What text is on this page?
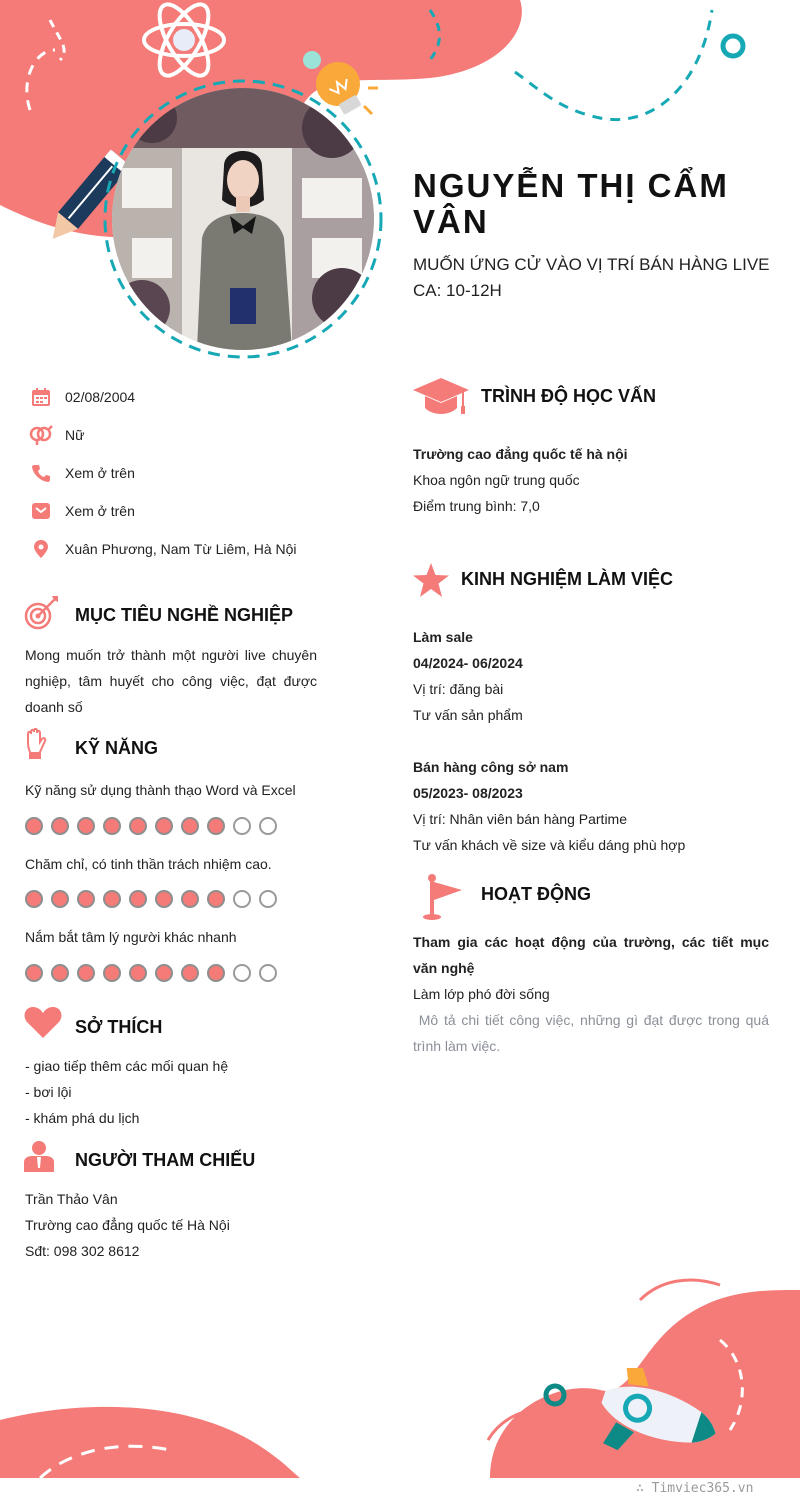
NGUYỄN THỊ CẨM VÂN
MUỐN ỨNG CỬ VÀO VỊ TRÍ BÁN HÀNG LIVE
CA: 10-12H
02/08/2004
Nữ
Xem ở trên
Xem ở trên
Xuân Phương, Nam Từ Liêm, Hà Nội
MỤC TIÊU NGHỀ NGHIỆP
Mong muốn trở thành một người live chuyên nghiệp, tâm huyết cho công việc, đạt được doanh số
KỸ NĂNG
Kỹ năng sử dụng thành thạo Word và Excel
Chăm chỉ, có tinh thần trách nhiệm cao.
Nắm bắt tâm lý người khác nhanh
SỞ THÍCH
- giao tiếp thêm các mối quan hệ
- bơi lội
- khám phá du lịch
NGƯỜI THAM CHIẾU
Trần Thảo Vân
Trường cao đẳng quốc tế Hà Nội
Sđt: 098 302 8612
TRÌNH ĐỘ HỌC VẤN
Trường cao đẳng quốc tế hà nội
Khoa ngôn ngữ trung quốc
Điểm trung bình: 7,0
KINH NGHIỆM LÀM VIỆC
Làm sale
04/2024- 06/2024
Vị trí: đăng bài
Tư vấn sản phẩm
Bán hàng công sở nam
05/2023- 08/2023
Vị trí: Nhân viên bán hàng Partime
Tư vấn khách về size và kiểu dáng phù hợp
HOẠT ĐỘNG
Tham gia các hoạt động của trường, các tiết mục văn nghệ
Làm lớp phó đời sống
Mô tả chi tiết công việc, những gì đạt được trong quá trình làm việc.
∴ Timviec365.vn
